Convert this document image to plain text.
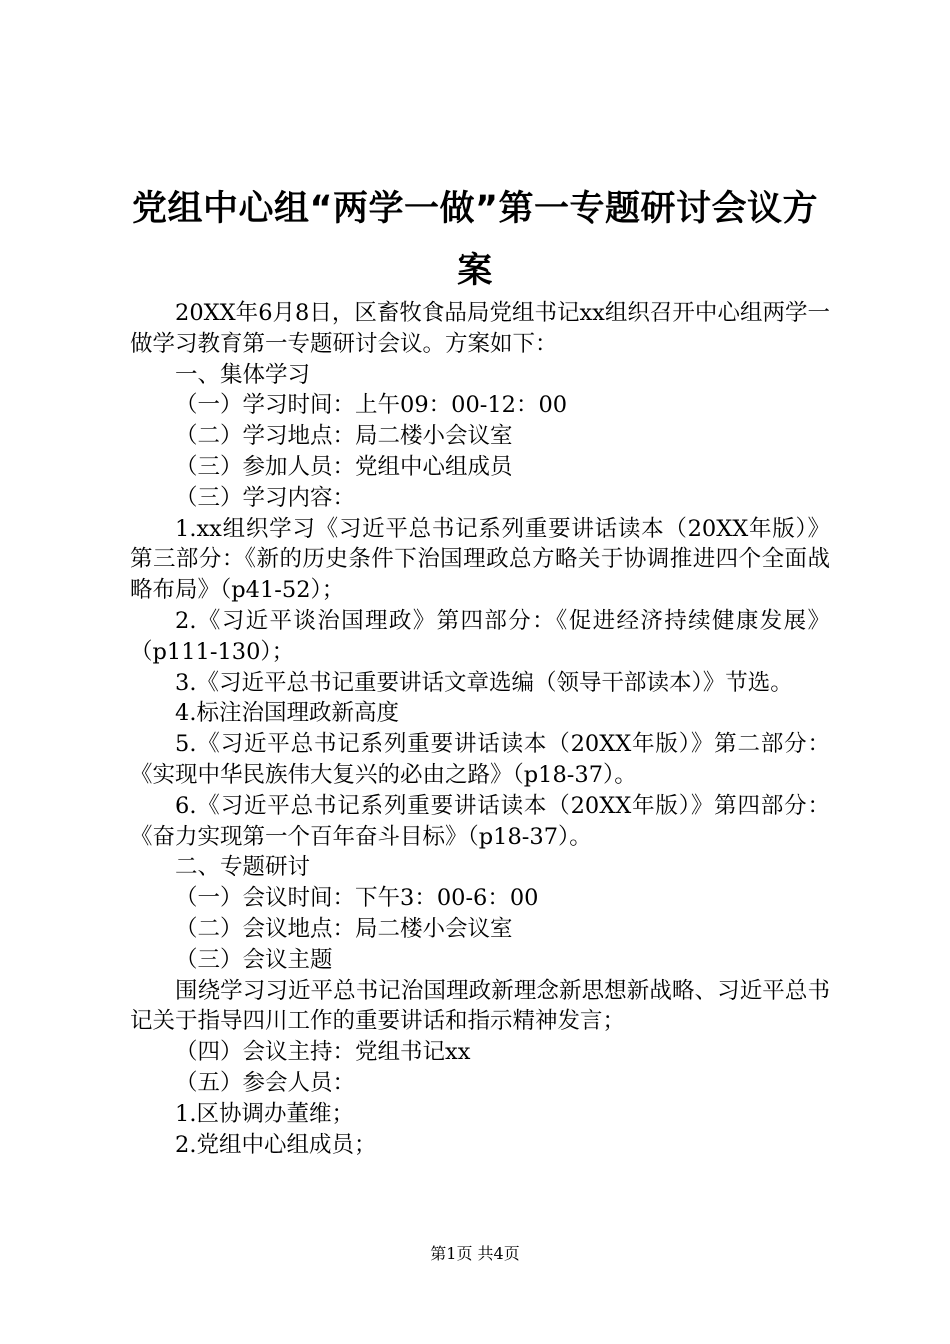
党组中心组“两学一做”第一专题研讨会议方案

20XX年6月8日，区畜牧食品局党组书记xx组织召开中心组两学一做学习教育第一专题研讨会议。方案如下：

一、集体学习

（一）学习时间：上午09：00-12：00

（二）学习地点：局二楼小会议室

（三）参加人员：党组中心组成员

（三）学习内容：

1.xx组织学习《习近平总书记系列重要讲话读本（20XX年版）》第三部分：《新的历史条件下治国理政总方略关于协调推进四个全面战略布局》（p41-52）；

2.《习近平谈治国理政》第四部分：《促进经济持续健康发展》（p111-130）；

3.《习近平总书记重要讲话文章选编（领导干部读本）》节选。

4.标注治国理政新高度

5.《习近平总书记系列重要讲话读本（20XX年版）》第二部分：《实现中华民族伟大复兴的必由之路》（p18-37）。

6.《习近平总书记系列重要讲话读本（20XX年版）》第四部分：《奋力实现第一个百年奋斗目标》（p18-37）。

二、专题研讨

（一）会议时间：下午3：00-6：00

（二）会议地点：局二楼小会议室

（三）会议主题

围绕学习习近平总书记治国理政新理念新思想新战略、习近平总书记关于指导四川工作的重要讲话和指示精神发言；

（四）会议主持：党组书记xx

（五）参会人员：

1.区协调办董维；

2.党组中心组成员；

第1页 共4页
